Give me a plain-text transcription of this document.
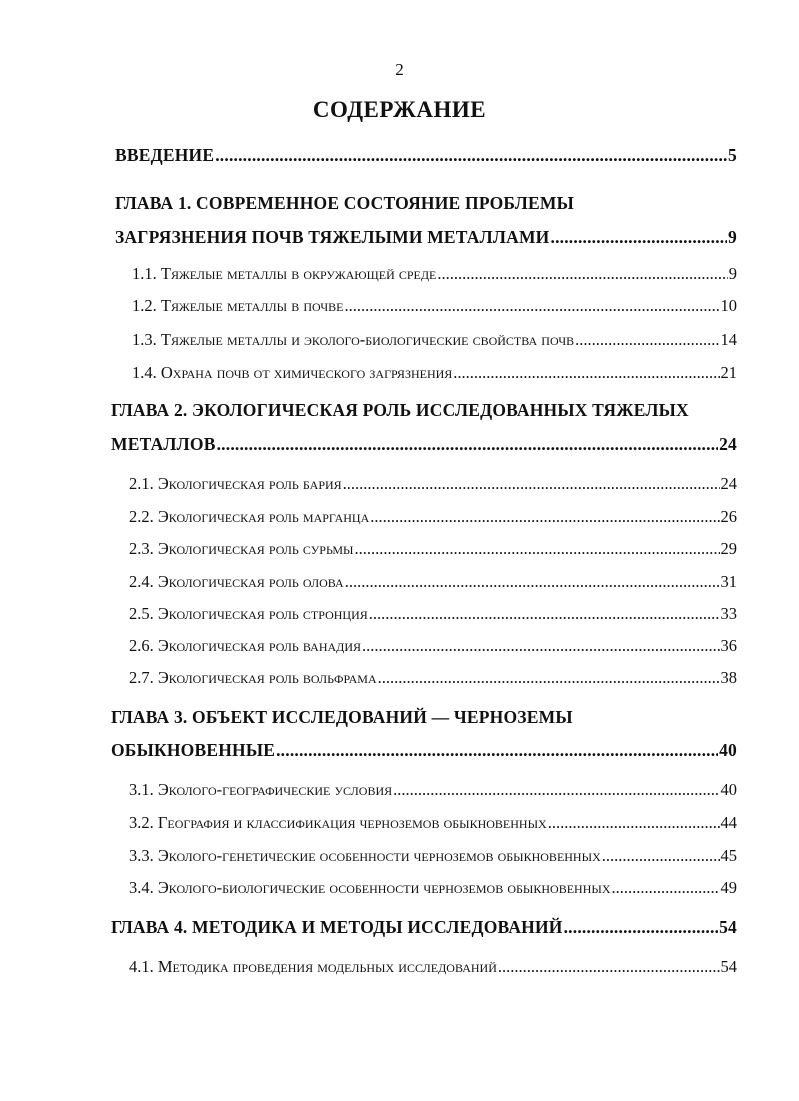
2
СОДЕРЖАНИЕ
ВВЕДЕНИЕ .....	5
ГЛАВА 1. СОВРЕМЕННОЕ СОСТОЯНИЕ ПРОБЛЕМЫ
ЗАГРЯЗНЕНИЯ ПОЧВ ТЯЖЕЛЫМИ МЕТАЛЛАМИ .....	9
1.1. Тяжелые металлы в окружающей среде .....	9
1.2. Тяжелые металлы в почве .....	10
1.3. Тяжелые металлы и эколого-биологические свойства почв .....	14
1.4. Охрана почв от химического загрязнения .....	21
ГЛАВА 2. ЭКОЛОГИЧЕСКАЯ РОЛЬ ИССЛЕДОВАННЫХ ТЯЖЕЛЫХ
МЕТАЛЛОВ .....	24
2.1. Экологическая роль бария .....	24
2.2. Экологическая роль марганца .....	26
2.3. Экологическая роль сурьмы .....	29
2.4. Экологическая роль олова .....	31
2.5. Экологическая роль стронция .....	33
2.6. Экологическая роль ванадия .....	36
2.7. Экологическая роль вольфрама .....	38
ГЛАВА 3. ОБЪЕКТ ИССЛЕДОВАНИЙ — ЧЕРНОЗЕМЫ
ОБЫКНОВЕННЫЕ .....	40
3.1. Эколого-географические условия .....	40
3.2. География и классификация черноземов обыкновенных .....	44
3.3. Эколого-генетические особенности черноземов обыкновенных .....	45
3.4. Эколого-биологические особенности черноземов обыкновенных .....	49
ГЛАВА 4. МЕТОДИКА И МЕТОДЫ ИССЛЕДОВАНИЙ .....	54
4.1. Методика проведения модельных исследований .....	54
